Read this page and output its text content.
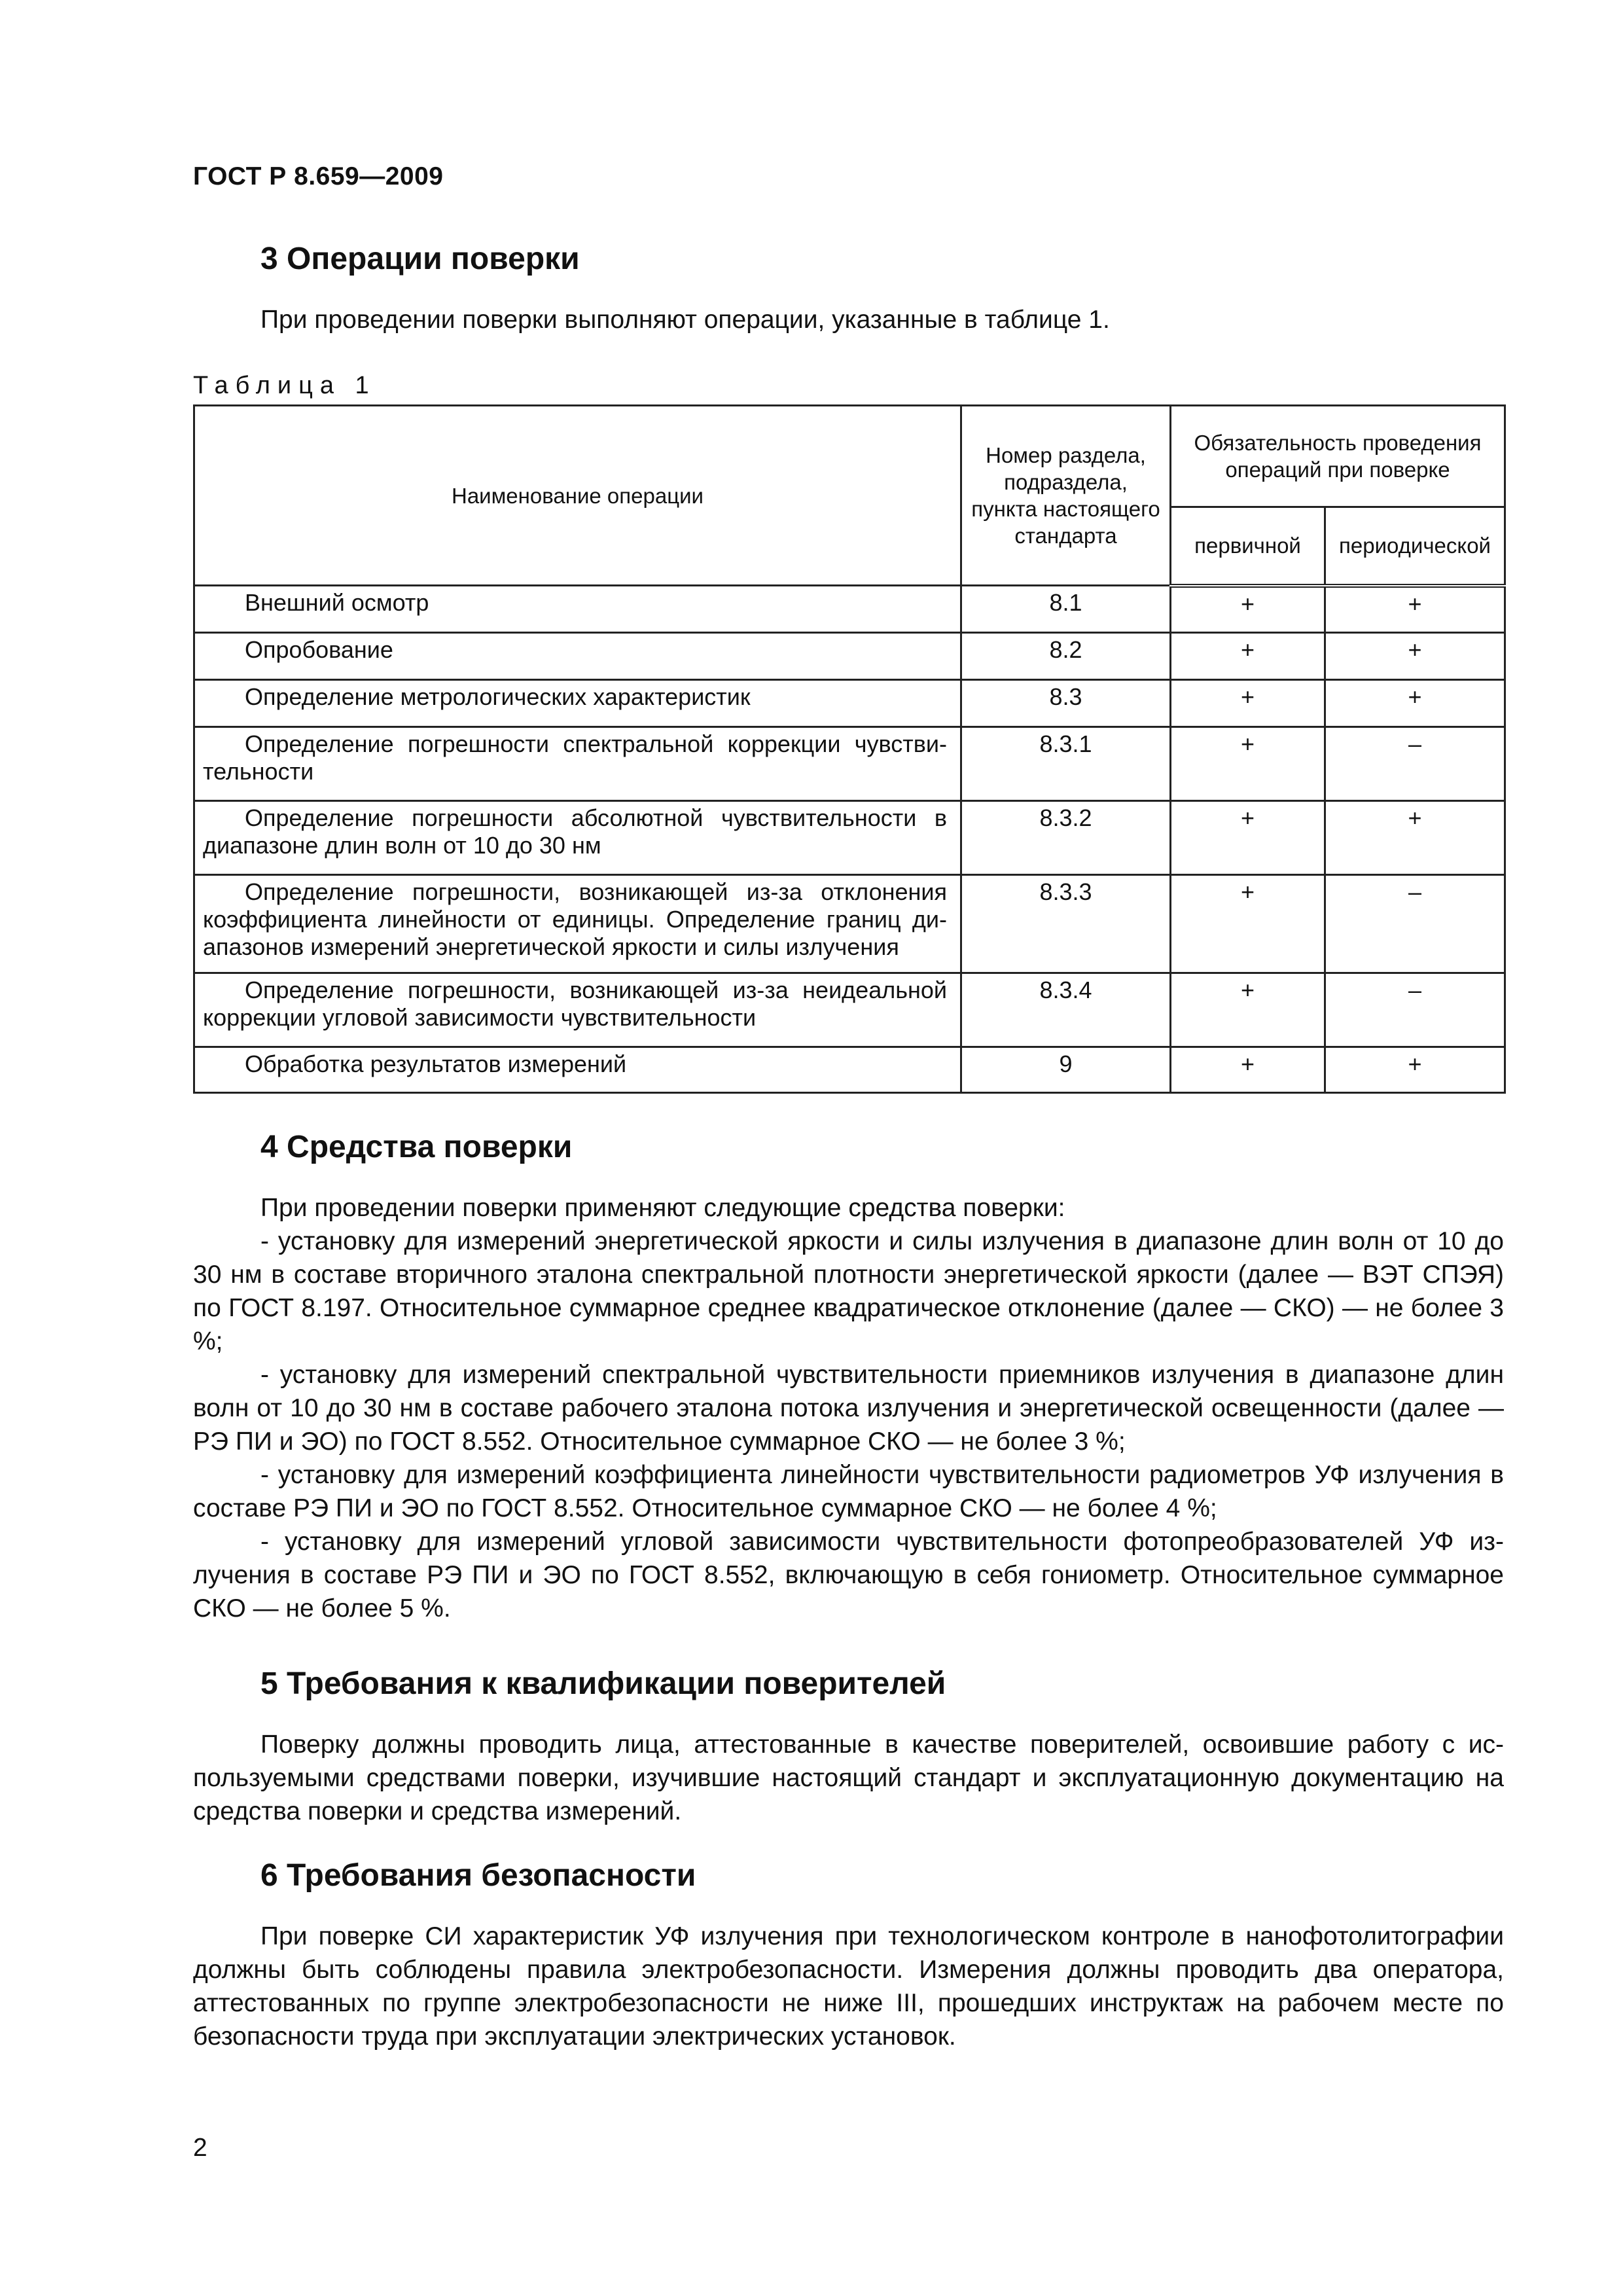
ГОСТ Р 8.659—2009
3 Операции поверки

При проведении поверки выполняют операции, указанные в таблице 1.

Таблица 1
Наименование операции	Номер раздела, подраздела, пункта настоящего стандарта	Обязательность проведения операций при поверке	
		первичной	периодической
Внешний осмотр	8.1	+	+
Опробование	8.2	+	+
Определение метрологических характеристик	8.3	+	+
Определение погрешности спектральной коррекции чувствительности	8.3.1	+	–
Определение погрешности абсолютной чувствительности в диапазоне длин волн от 10 до 30 нм	8.3.2	+	+
Определение погрешности, возникающей из-за отклонения коэффициента линейности от единицы. Определение границ диапазонов измерений энергетической яркости и силы излучения	8.3.3	+	–
Определение погрешности, возникающей из-за неидеальной коррекции угловой зависимости чувствительности	8.3.4	+	–
Обработка результатов измерений	9	+	+
4 Средства поверки

При проведении поверки применяют следующие средства поверки:

- установку для измерений энергетической яркости и силы излучения в диапазоне длин волн от 10 до 30 нм в составе вторичного эталона спектральной плотности энергетической яркости (далее — ВЭТ СПЭЯ) по ГОСТ 8.197. Относительное суммарное среднее квадратическое отклонение (далее — СКО) — не более 3 %;

- установку для измерений спектральной чувствительности приемников излучения в диапазоне длин волн от 10 до 30 нм в составе рабочего эталона потока излучения и энергетической освещенности (далее — РЭ ПИ и ЭО) по ГОСТ 8.552. Относительное суммарное СКО — не более 3 %;

- установку для измерений коэффициента линейности чувствительности радиометров УФ излучения в составе РЭ ПИ и ЭО по ГОСТ 8.552. Относительное суммарное СКО — не более 4 %;

- установку для измерений угловой зависимости чувствительности фотопреобразователей УФ излучения в составе РЭ ПИ и ЭО по ГОСТ 8.552, включающую в себя гониометр. Относительное суммарное СКО — не более 5 %.

5 Требования к квалификации поверителей

Поверку должны проводить лица, аттестованные в качестве поверителей, освоившие работу с используемыми средствами поверки, изучившие настоящий стандарт и эксплуатационную документацию на средства поверки и средства измерений.

6 Требования безопасности

При поверке СИ характеристик УФ излучения при технологическом контроле в нанофотолитографии должны быть соблюдены правила электробезопасности. Измерения должны проводить два оператора, аттестованных по группе электробезопасности не ниже III, прошедших инструктаж на рабочем месте по безопасности труда при эксплуатации электрических установок.

2
